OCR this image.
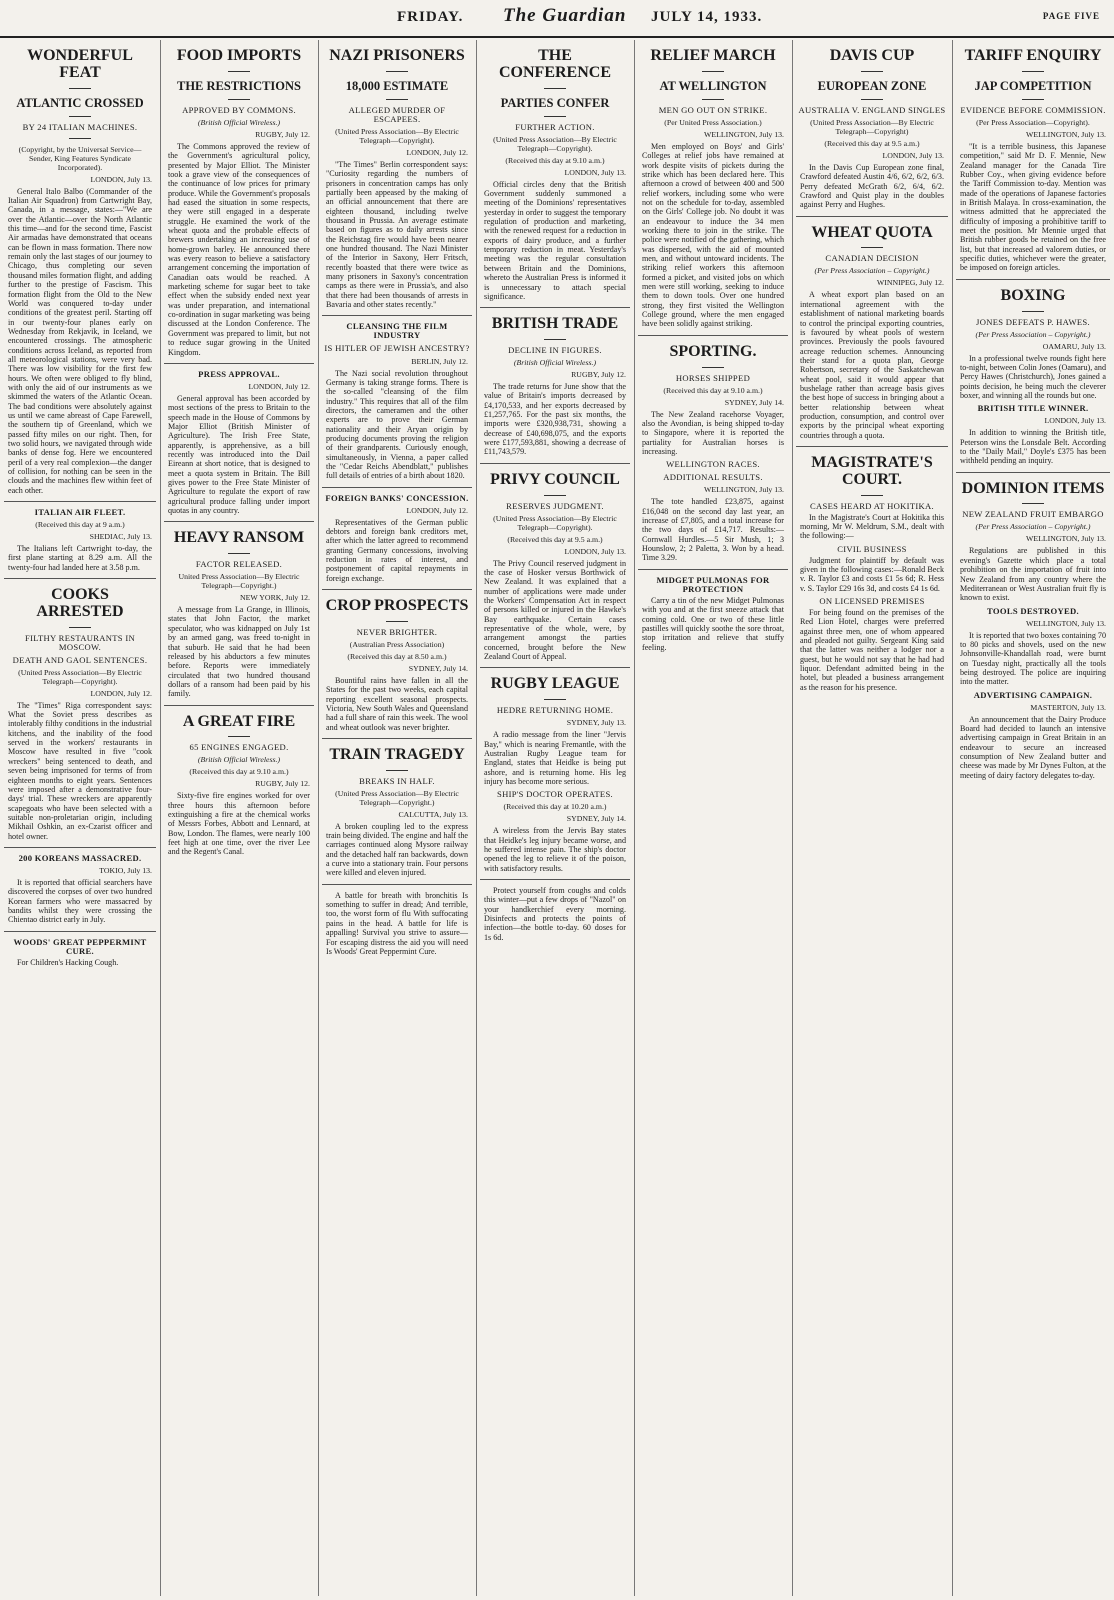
FRIDAY. The Guardian JULY 14, 1933.	PAGE FIVE
WONDERFUL FEAT
ATLANTIC CROSSED
BY 24 ITALIAN MACHINES.
(Copyright, by the Universal Service—Sender, King Features Syndicate Incorporated).
LONDON, July 13.

General Italo Balbo (Commander of the Italian Air Squadron) from Cartwright Bay, Canada, in a message, states:—"We are over the Atlantic—over the North Atlantic this time—and for the second time, Fascist Air armadas have demonstrated that oceans can be flown in mass formation. There now remain only the last stages of our journey to Chicago, thus completing our seven thousand miles formation flight, and adding further to the prestige of Fascism. This formation flight from the Old to the New World was conquered to-day under conditions of the greatest peril. Starting off in our twenty-four planes early on Wednesday from Rekjavik, in Iceland, we encountered crossings. The atmospheric conditions across Iceland, as reported from all meteorological stations, were very bad. There was low visibility for the first few hours. We often were obliged to fly blind, with only the aid of our instruments as we skimmed the waters of the Atlantic Ocean. The bad conditions were absolutely against us until we came abreast of Cape Farewell, the southern tip of Greenland, which we passed fifty miles on our right. Then, for two solid hours, we navigated through wide banks of dense fog. Here we encountered peril of a very real complexion—the danger of collision, for nothing can be seen in the clouds and the machines flew within feet of each other.

ITALIAN AIR FLEET.
(Received this day at 9 a.m.)
SHEDIAC, July 13.

The Italians left Cartwright to-day, the first plane starting at 8.29 a.m. All the twenty-four had landed here at 3.58 p.m.

COOKS ARRESTED
FILTHY RESTAURANTS IN MOSCOW.
DEATH AND GAOL SENTENCES.
(United Press Association—By Electric Telegraph—Copyright).
LONDON, July 12.

The "Times" Riga correspondent says: What the Soviet press describes as intolerably filthy conditions in the industrial kitchens, and the inability of the food served in the workers' restaurants in Moscow have resulted in five "cook wreckers" being sentenced to death, and seven being imprisoned for terms of from eighteen months to eight years. Sentences were imposed after a demonstrative four-days' trial. These wreckers are apparently scapegoats who have been selected with a suitable non-proletarian origin, including Mikhail Oshkin, an ex-Czarist officer and hotel owner.

200 KOREANS MASSACRED.
TOKIO, July 13.

It is reported that official searchers have discovered the corpses of over two hundred Korean farmers who were massacred by bandits whilst they were crossing the Chientao district early in July.

WOODS' GREAT PEPPERMINT CURE.

For Children's Hacking Cough.

FOOD IMPORTS
THE RESTRICTIONS
APPROVED BY COMMONS.
(British Official Wireless.)
RUGBY, July 12.

The Commons approved the review of the Government's agricultural policy, presented by Major Elliot. The Minister took a grave view of the consequences of the continuance of low prices for primary produce. While the Government's proposals had eased the situation in some respects, they were still engaged in a desperate struggle. He examined the work of the wheat quota and the probable effects of brewers undertaking an increasing use of home-grown barley. He announced there was every reason to believe a satisfactory arrangement concerning the importation of Canadian oats would be reached. A marketing scheme for sugar beet to take effect when the subsidy ended next year was under preparation, and international co-ordination in sugar marketing was being discussed at the London Conference. The Government was prepared to limit, but not to reduce sugar growing in the United Kingdom.

PRESS APPROVAL.
LONDON, July 12.

General approval has been accorded by most sections of the press to Britain to the speech made in the House of Commons by Major Elliot (British Minister of Agriculture). The Irish Free State, apparently, is apprehensive, as a bill recently was introduced into the Dail Eireann at short notice, that is designed to meet a quota system in Britain. The Bill gives power to the Free State Minister of Agriculture to regulate the export of raw agricultural produce falling under import quotas in any country.

HEAVY RANSOM
FACTOR RELEASED.
United Press Association—By Electric Telegraph—Copyright.)
NEW YORK, July 12.

A message from La Grange, in Illinois, states that John Factor, the market speculator, who was kidnapped on July 1st by an armed gang, was freed to-night in that suburb. He said that he had been released by his abductors a few minutes before. Reports were immediately circulated that two hundred thousand dollars of a ransom had been paid by his family.

A GREAT FIRE
65 ENGINES ENGAGED.
(British Official Wireless.)
(Received this day at 9.10 a.m.)
RUGBY, July 12.

Sixty-five fire engines worked for over three hours this afternoon before extinguishing a fire at the chemical works of Messrs Forbes, Abbott and Lennard, at Bow, London. The flames, were nearly 100 feet high at one time, over the river Lee and the Regent's Canal.

NAZI PRISONERS
18,000 ESTIMATE
ALLEGED MURDER OF ESCAPEES.
(United Press Association—By Electric Telegraph—Copyright).
LONDON, July 12.

"The Times" Berlin correspondent says: "Curiosity regarding the numbers of prisoners in concentration camps has only partially been appeased by the making of an official announcement that there are eighteen thousand, including twelve thousand in Prussia. An average estimate based on figures as to daily arrests since the Reichstag fire would have been nearer one hundred thousand. The Nazi Minister of the Interior in Saxony, Herr Fritsch, recently boasted that there were twice as many prisoners in Saxony's concentration camps as there were in Prussia's, and also that there had been thousands of arrests in Bavaria and other states recently."

CLEANSING THE FILM INDUSTRY
IS HITLER OF JEWISH ANCESTRY?
BERLIN, July 12.

The Nazi social revolution throughout Germany is taking strange forms. There is the so-called "cleansing of the film industry." This requires that all of the film directors, the cameramen and the other experts are to prove their German nationality and their Aryan origin by producing documents proving the religion of their grandparents. Curiously enough, simultaneously, in Vienna, a paper called the "Cedar Reichs Abendblatt," publishes full details of entries of a birth about 1820.

FOREIGN BANKS' CONCESSION.
LONDON, July 12.

Representatives of the German public debtors and foreign bank creditors met, after which the latter agreed to recommend granting Germany concessions, involving reduction in rates of interest, and postponement of capital repayments in foreign exchange.

CROP PROSPECTS
NEVER BRIGHTER.
(Australian Press Association)
(Received this day at 8.50 a.m.)
SYDNEY, July 14.

Bountiful rains have fallen in all the States for the past two weeks, each capital reporting excellent seasonal prospects. Victoria, New South Wales and Queensland had a full share of rain this week. The wool and wheat outlook was never brighter.

TRAIN TRAGEDY
BREAKS IN HALF.
(United Press Association—By Electric Telegraph—Copyright.)
CALCUTTA, July 13.

A broken coupling led to the express train being divided. The engine and half the carriages continued along Mysore railway and the detached half ran backwards, down a curve into a stationary train. Four persons were killed and eleven injured.

A battle for breath with bronchitis Is something to suffer in dread; And terrible, too, the worst form of flu With suffocating pains in the head. A battle for life is appalling! Survival you strive to assure— For escaping distress the aid you will need Is Woods' Great Peppermint Cure.

THE CONFERENCE
PARTIES CONFER
FURTHER ACTION.
(United Press Association—By Electric Telegraph—Copyright).
(Received this day at 9.10 a.m.)
LONDON, July 13.

Official circles deny that the British Government suddenly summoned a meeting of the Dominions' representatives yesterday in order to suggest the temporary regulation of production and marketing, with the renewed request for a reduction in exports of dairy produce, and a further temporary reduction in meat. Yesterday's meeting was the regular consultation between Britain and the Dominions, whereto the Australian Press is informed it is unnecessary to attach special significance.

BRITISH TRADE
DECLINE IN FIGURES.
(British Official Wireless.)
RUGBY, July 12.

The trade returns for June show that the value of Britain's imports decreased by £4,170,533, and her exports decreased by £1,257,765. For the past six months, the imports were £320,938,731, showing a decrease of £40,698,075, and the exports were £177,593,881, showing a decrease of £11,743,579.

PRIVY COUNCIL
RESERVES JUDGMENT.
(United Press Association—By Electric Telegraph—Copyright).
(Received this day at 9.5 a.m.)
LONDON, July 13.

The Privy Council reserved judgment in the case of Hosker versus Borthwick of New Zealand. It was explained that a number of applications were made under the Workers' Compensation Act in respect of persons killed or injured in the Hawke's Bay earthquake. Certain cases representative of the whole, were, by arrangement amongst the parties concerned, brought before the New Zealand Court of Appeal.

RUGBY LEAGUE
HEDRE RETURNING HOME.
SYDNEY, July 13.

A radio message from the liner "Jervis Bay," which is nearing Fremantle, with the Australian Rugby League team for England, states that Heidke is being put ashore, and is returning home. His leg injury has become more serious.

SHIP'S DOCTOR OPERATES.
(Received this day at 10.20 a.m.)
SYDNEY, July 14.

A wireless from the Jervis Bay states that Heidke's leg injury became worse, and he suffered intense pain. The ship's doctor opened the leg to relieve it of the poison, with satisfactory results.

Protect yourself from coughs and colds this winter—put a few drops of "Nazol" on your handkerchief every morning. Disinfects and protects the points of infection—the bottle to-day. 60 doses for 1s 6d.

RELIEF MARCH
AT WELLINGTON
MEN GO OUT ON STRIKE.
(Per United Press Association.)
WELLINGTON, July 13.

Men employed on Boys' and Girls' Colleges at relief jobs have remained at work despite visits of pickets during the strike which has been declared here. This afternoon a crowd of between 400 and 500 relief workers, including some who were not on the schedule for to-day, assembled on the Girls' College job. No doubt it was an endeavour to induce the 34 men working there to join in the strike. The police were notified of the gathering, which was dispersed, with the aid of mounted men, and without untoward incidents. The striking relief workers this afternoon formed a picket, and visited jobs on which men were still working, seeking to induce them to down tools. Over one hundred strong, they first visited the Wellington College ground, where the men engaged have been solidly against striking.

SPORTING.
HORSES SHIPPED
(Received this day at 9.10 a.m.)
SYDNEY, July 14.

The New Zealand racehorse Voyager, also the Avondian, is being shipped to-day to Singapore, where it is reported the partiality for Australian horses is increasing.

WELLINGTON RACES.
ADDITIONAL RESULTS.
WELLINGTON, July 13.

The tote handled £23,875, against £16,048 on the second day last year, an increase of £7,805, and a total increase for the two days of £14,717. Results:— Cornwall Hurdles.—5 Sir Mush, 1; 3 Hounslow, 2; 2 Paletta, 3. Won by a head. Time 3.29.

MIDGET PULMONAS FOR PROTECTION

Carry a tin of the new Midget Pulmonas with you and at the first sneeze attack that coming cold. One or two of these little pastilles will quickly soothe the sore throat, stop irritation and relieve that stuffy feeling.

DAVIS CUP
EUROPEAN ZONE
AUSTRALIA V. ENGLAND SINGLES
(United Press Association—By Electric Telegraph—Copyright)
(Received this day at 9.5 a.m.)
LONDON, July 13.

In the Davis Cup European zone final, Crawford defeated Austin 4/6, 6/2, 6/2, 6/3. Perry defeated McGrath 6/2, 6/4, 6/2. Crawford and Quist play in the doubles against Perry and Hughes.

WHEAT QUOTA
CANADIAN DECISION
(Per Press Association – Copyright.)
WINNIPEG, July 12.

A wheat export plan based on an international agreement with the establishment of national marketing boards to control the principal exporting countries, is favoured by wheat pools of western provinces. Previously the pools favoured acreage reduction schemes. Announcing their stand for a quota plan, George Robertson, secretary of the Saskatchewan wheat pool, said it would appear that bushelage rather than acreage basis gives the best hope of success in bringing about a better relationship between wheat production, consumption, and control over exports by the principal wheat exporting countries through a quota.

MAGISTRATE'S COURT.
CASES HEARD AT HOKITIKA.

In the Magistrate's Court at Hokitika this morning, Mr W. Meldrum, S.M., dealt with the following:—

CIVIL BUSINESS

Judgment for plaintiff by default was given in the following cases:—Ronald Beck v. R. Taylor £3 and costs £1 5s 6d; R. Hess v. S. Taylor £29 16s 3d, and costs £4 1s 6d.

ON LICENSED PREMISES

For being found on the premises of the Red Lion Hotel, charges were preferred against three men, one of whom appeared and pleaded not guilty. Sergeant King said that the latter was neither a lodger nor a guest, but he would not say that he had had liquor. Defendant admitted being in the hotel, but pleaded a business arrangement as the reason for his presence.

TARIFF ENQUIRY
JAP COMPETITION
EVIDENCE BEFORE COMMISSION.
(Per Press Association—Copyright).
WELLINGTON, July 13.

"It is a terrible business, this Japanese competition," said Mr D. F. Mennie, New Zealand manager for the Canada Tire Rubber Coy., when giving evidence before the Tariff Commission to-day. Mention was made of the operations of Japanese factories in British Malaya. In cross-examination, the witness admitted that he appreciated the difficulty of imposing a prohibitive tariff to meet the position. Mr Mennie urged that British rubber goods be retained on the free list, but that increased ad valorem duties, or specific duties, whichever were the greater, be imposed on foreign articles.

BOXING
JONES DEFEATS P. HAWES.
(Per Press Association – Copyright.)
OAMARU, July 13.

In a professional twelve rounds fight here to-night, between Colin Jones (Oamaru), and Percy Hawes (Christchurch), Jones gained a points decision, he being much the cleverer boxer, and winning all the rounds but one.

BRITISH TITLE WINNER.
LONDON, July 13.

In addition to winning the British title, Peterson wins the Lonsdale Belt. According to the "Daily Mail," Doyle's £375 has been withheld pending an inquiry.

DOMINION ITEMS
NEW ZEALAND FRUIT EMBARGO
(Per Press Association – Copyright.)
WELLINGTON, July 13.

Regulations are published in this evening's Gazette which place a total prohibition on the importation of fruit into New Zealand from any country where the Mediterranean or West Australian fruit fly is known to exist.

TOOLS DESTROYED.
WELLINGTON, July 13.

It is reported that two boxes containing 70 to 80 picks and shovels, used on the new Johnsonville-Khandallah road, were burnt on Tuesday night, practically all the tools being destroyed. The police are inquiring into the matter.

ADVERTISING CAMPAIGN.
MASTERTON, July 13.

An announcement that the Dairy Produce Board had decided to launch an intensive advertising campaign in Great Britain in an endeavour to secure an increased consumption of New Zealand butter and cheese was made by Mr Dynes Fulton, at the meeting of dairy factory delegates to-day.
